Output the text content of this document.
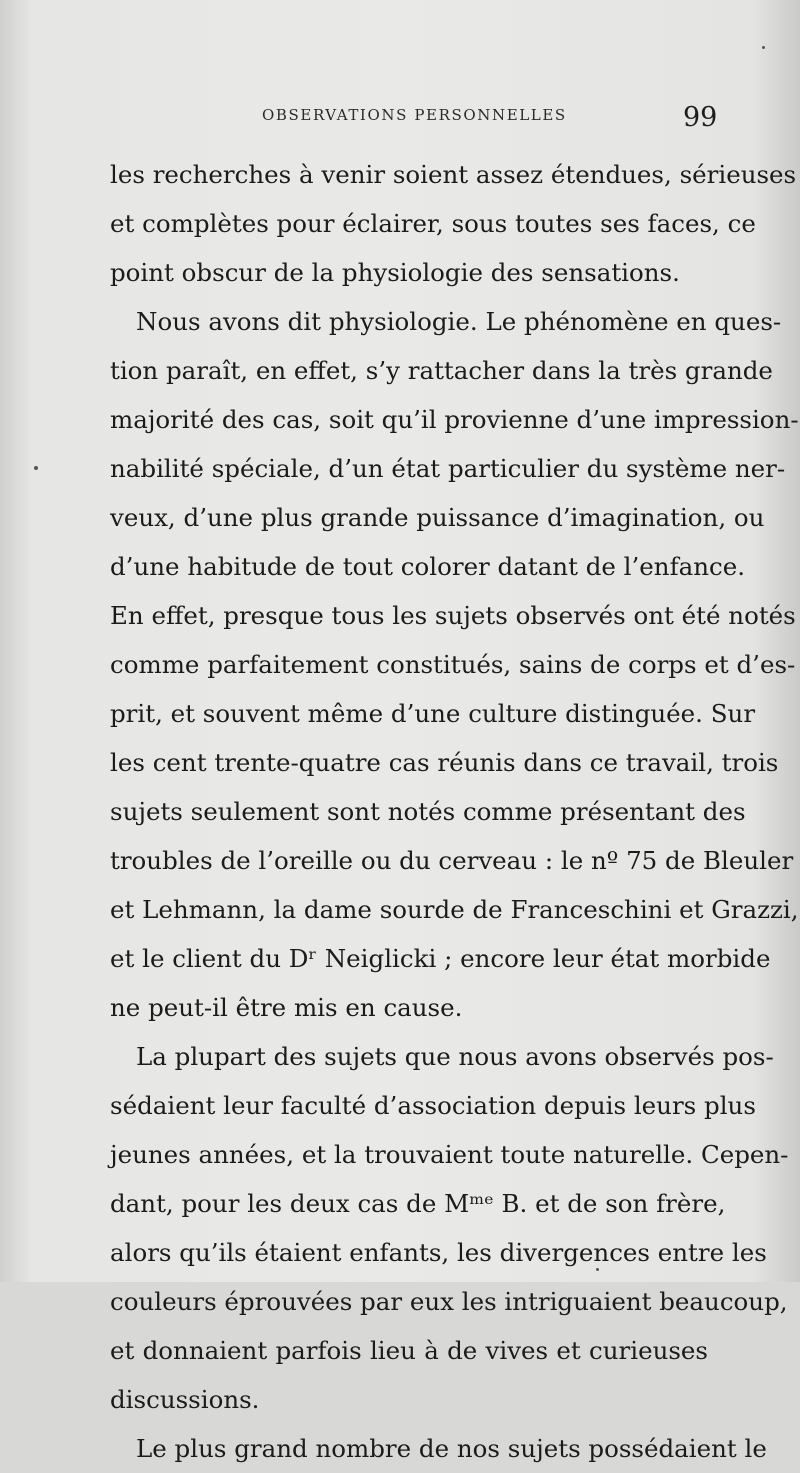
OBSERVATIONS PERSONNELLES	99
les recherches à venir soient assez étendues, sérieuses
et complètes pour éclairer, sous toutes ses faces, ce
point obscur de la physiologie des sensations.
Nous avons dit physiologie. Le phénomène en ques-
tion paraît, en effet, s’y rattacher dans la très grande
majorité des cas, soit qu’il provienne d’une impression-
nabilité spéciale, d’un état particulier du système ner-
veux, d’une plus grande puissance d’imagination, ou
d’une habitude de tout colorer datant de l’enfance.
En effet, presque tous les sujets observés ont été notés
comme parfaitement constitués, sains de corps et d’es-
prit, et souvent même d’une culture distinguée. Sur
les cent trente-quatre cas réunis dans ce travail, trois
sujets seulement sont notés comme présentant des
troubles de l’oreille ou du cerveau : le nº 75 de Bleuler
et Lehmann, la dame sourde de Franceschini et Grazzi,
et le client du Dʳ Neiglicki ; encore leur état morbide
ne peut-il être mis en cause.
La plupart des sujets que nous avons observés pos-
sédaient leur faculté d’association depuis leurs plus
jeunes années, et la trouvaient toute naturelle. Cepen-
dant, pour les deux cas de Mᵐᵉ B. et de son frère,
alors qu’ils étaient enfants, les divergences entre les
couleurs éprouvées par eux les intriguaient beaucoup,
et donnaient parfois lieu à de vives et curieuses
discussions.
Le plus grand nombre de nos sujets possédaient le
